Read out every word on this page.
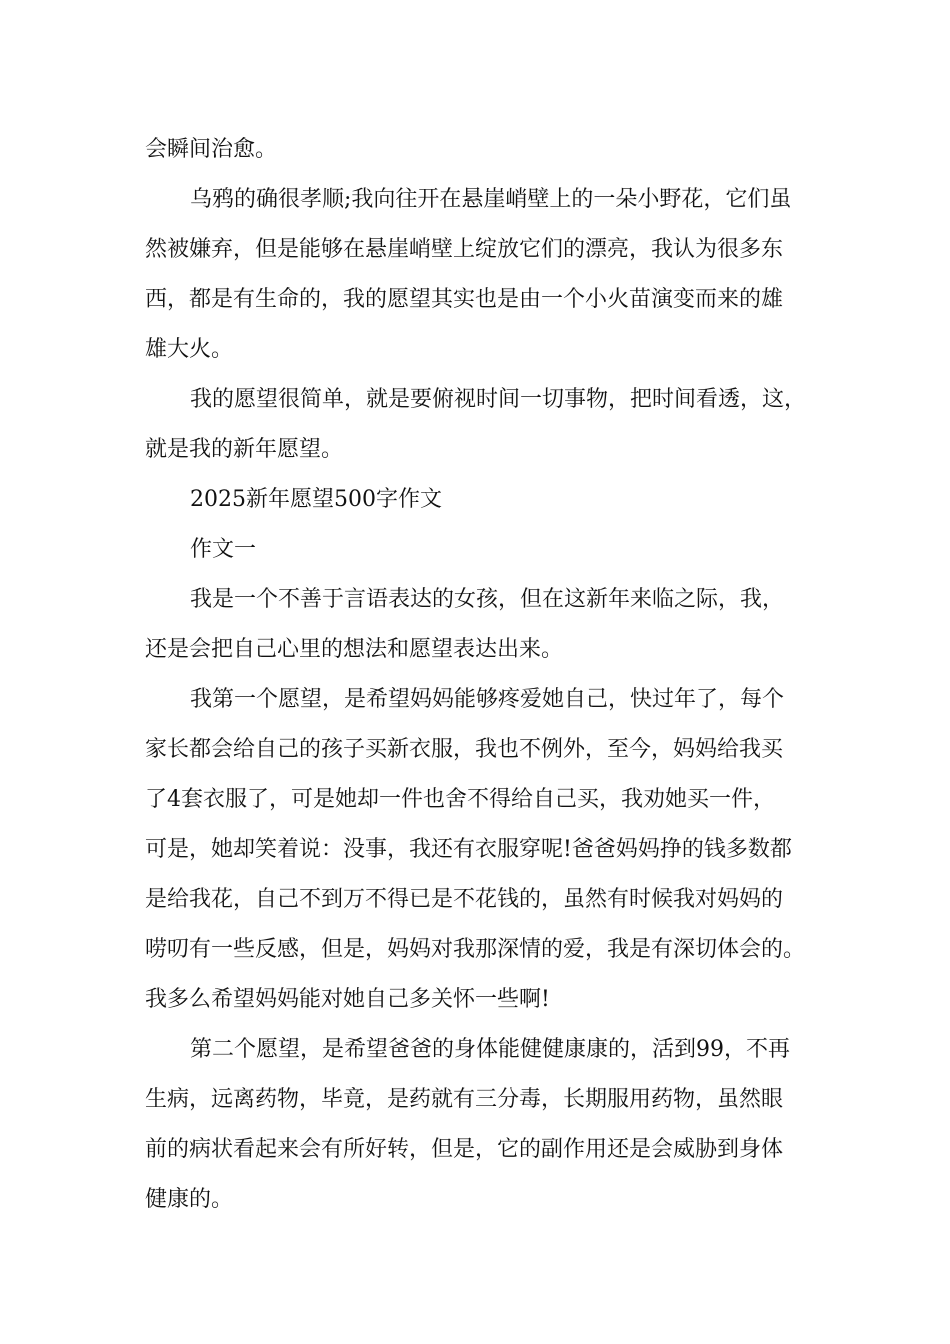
会瞬间治愈。
乌鸦的确很孝顺;我向往开在悬崖峭壁上的一朵小野花，它们虽
然被嫌弃，但是能够在悬崖峭壁上绽放它们的漂亮，我认为很多东
西，都是有生命的，我的愿望其实也是由一个小火苗演变而来的雄
雄大火。
我的愿望很简单，就是要俯视时间一切事物，把时间看透，这，
就是我的新年愿望。
2025新年愿望500字作文
作文一
我是一个不善于言语表达的女孩，但在这新年来临之际，我，
还是会把自己心里的想法和愿望表达出来。
我第一个愿望，是希望妈妈能够疼爱她自己，快过年了，每个
家长都会给自己的孩子买新衣服，我也不例外，至今，妈妈给我买
了4套衣服了，可是她却一件也舍不得给自己买，我劝她买一件，
可是，她却笑着说：没事，我还有衣服穿呢!爸爸妈妈挣的钱多数都
是给我花，自己不到万不得已是不花钱的，虽然有时候我对妈妈的
唠叨有一些反感，但是，妈妈对我那深情的爱，我是有深切体会的。
我多么希望妈妈能对她自己多关怀一些啊!
第二个愿望，是希望爸爸的身体能健健康康的，活到99，不再
生病，远离药物，毕竟，是药就有三分毒，长期服用药物，虽然眼
前的病状看起来会有所好转，但是，它的副作用还是会威胁到身体
健康的。
